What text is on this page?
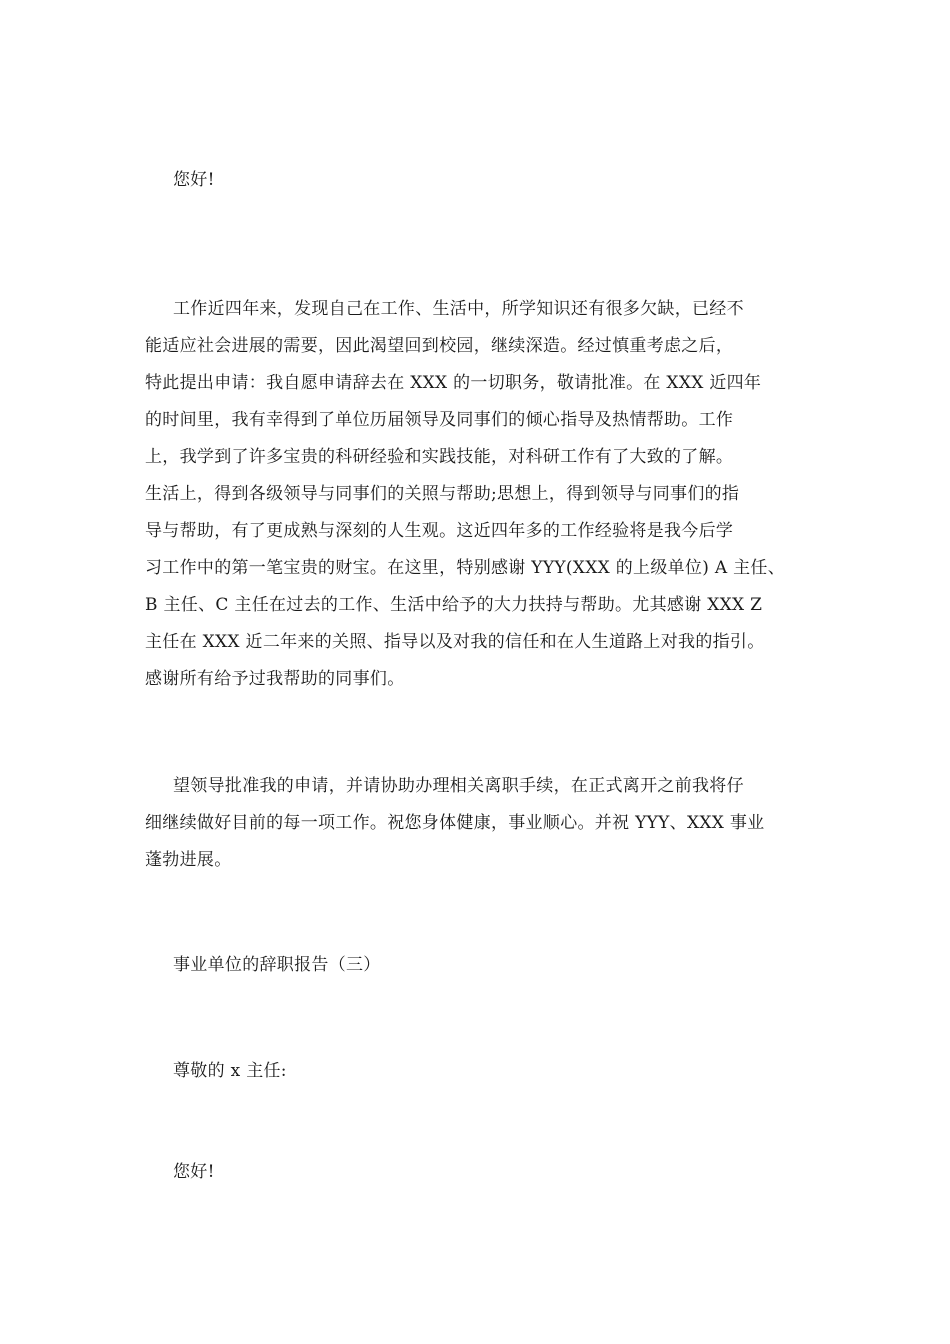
您好!
工作近四年来，发现自己在工作、生活中，所学知识还有很多欠缺，已经不
能适应社会进展的需要，因此渴望回到校园，继续深造。经过慎重考虑之后，
特此提出申请：我自愿申请辞去在 XXX 的一切职务，敬请批准。在 XXX 近四年
的时间里，我有幸得到了单位历届领导及同事们的倾心指导及热情帮助。工作
上，我学到了许多宝贵的科研经验和实践技能，对科研工作有了大致的了解。
生活上，得到各级领导与同事们的关照与帮助;思想上，得到领导与同事们的指
导与帮助，有了更成熟与深刻的人生观。这近四年多的工作经验将是我今后学
习工作中的第一笔宝贵的财宝。在这里，特别感谢 YYY(XXX 的上级单位) A 主任、
B 主任、C 主任在过去的工作、生活中给予的大力扶持与帮助。尤其感谢 XXX Z
主任在 XXX 近二年来的关照、指导以及对我的信任和在人生道路上对我的指引。
感谢所有给予过我帮助的同事们。
望领导批准我的申请，并请协助办理相关离职手续，在正式离开之前我将仔
细继续做好目前的每一项工作。祝您身体健康，事业顺心。并祝 YYY、XXX 事业
蓬勃进展。
事业单位的辞职报告（三）
尊敬的 x 主任:
您好!
